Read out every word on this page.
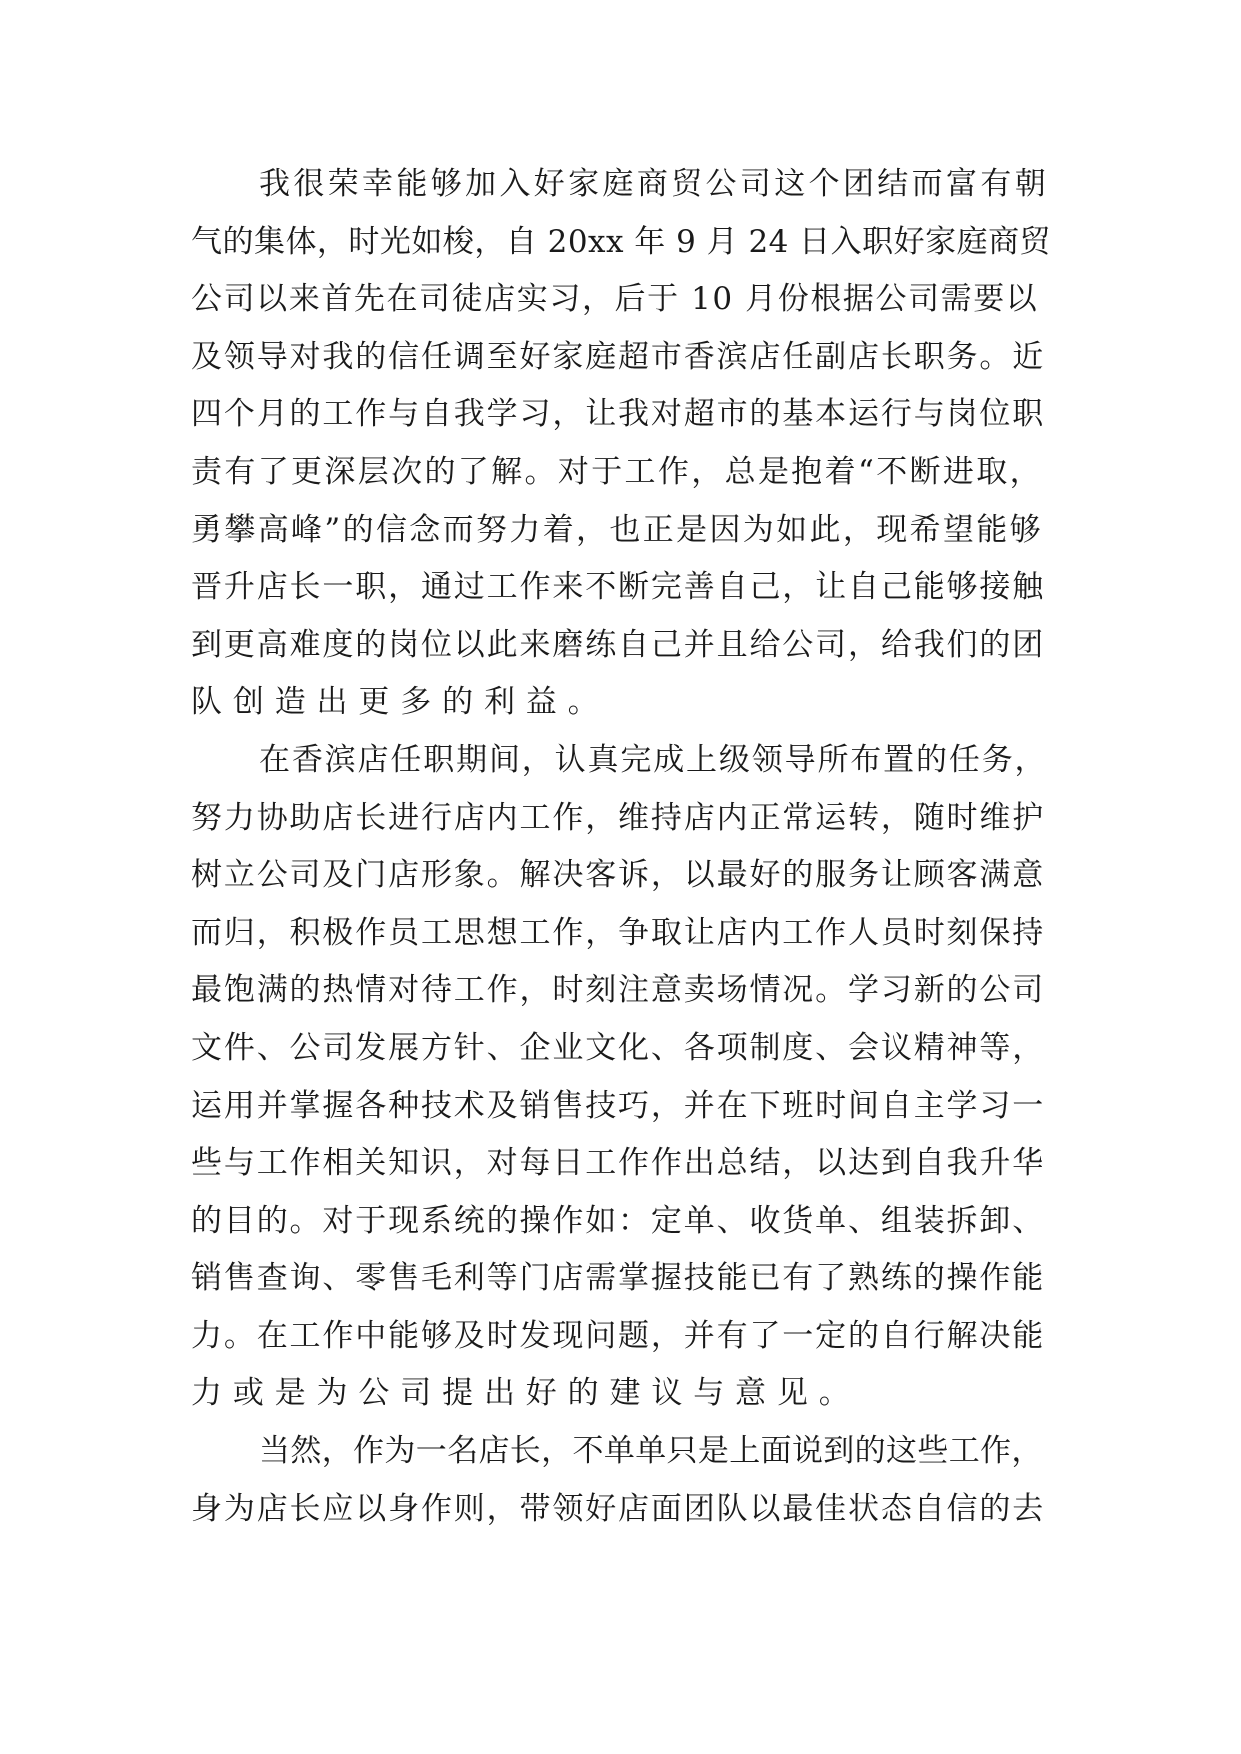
我很荣幸能够加入好家庭商贸公司这个团结而富有朝
气的集体，时光如梭，自 20xx 年 9 月 24 日入职好家庭商贸
公司以来首先在司徒店实习，后于 10 月份根据公司需要以
及领导对我的信任调至好家庭超市香滨店任副店长职务。近
四个月的工作与自我学习，让我对超市的基本运行与岗位职
责有了更深层次的了解。对于工作，总是抱着“不断进取，
勇攀高峰”的信念而努力着，也正是因为如此，现希望能够
晋升店长一职，通过工作来不断完善自己，让自己能够接触
到更高难度的岗位以此来磨练自己并且给公司，给我们的团
队创造出更多的利益。
在香滨店任职期间，认真完成上级领导所布置的任务，
努力协助店长进行店内工作，维持店内正常运转，随时维护
树立公司及门店形象。解决客诉，以最好的服务让顾客满意
而归，积极作员工思想工作，争取让店内工作人员时刻保持
最饱满的热情对待工作，时刻注意卖场情况。学习新的公司
文件、公司发展方针、企业文化、各项制度、会议精神等，
运用并掌握各种技术及销售技巧，并在下班时间自主学习一
些与工作相关知识，对每日工作作出总结，以达到自我升华
的目的。对于现系统的操作如：定单、收货单、组装拆卸、
销售查询、零售毛利等门店需掌握技能已有了熟练的操作能
力。在工作中能够及时发现问题，并有了一定的自行解决能
力或是为公司提出好的建议与意见。
当然，作为一名店长，不单单只是上面说到的这些工作，
身为店长应以身作则，带领好店面团队以最佳状态自信的去
